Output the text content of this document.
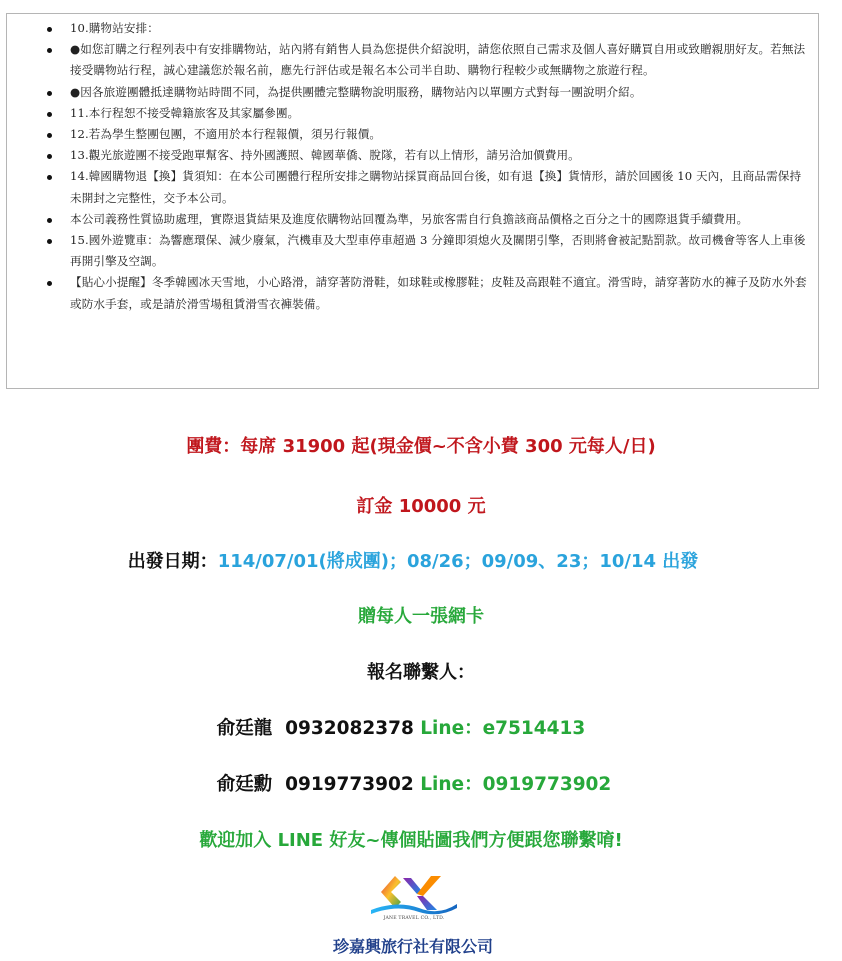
10.購物站安排：
●如您訂購之行程列表中有安排購物站，站內將有銷售人員為您提供介紹說明，請您依照自己需求及個人喜好購買自用或致贈親朋好友。若無法接受購物站行程，誠心建議您於報名前，應先行評估或是報名本公司半自助、購物行程較少或無購物之旅遊行程。
●因各旅遊團體抵達購物站時間不同，為提供團體完整購物說明服務，購物站內以單團方式對每一團說明介紹。
11.本行程恕不接受韓籍旅客及其家屬參團。
12.若為學生整團包團，不適用於本行程報價，須另行報價。
13.觀光旅遊團不接受跑單幫客、持外國護照、韓國華僑、脫隊，若有以上情形，請另洽加價費用。
14.韓國購物退【換】貨須知：在本公司團體行程所安排之購物站採買商品回台後，如有退【換】貨情形，請於回國後 10 天內，且商品需保持未開封之完整性，交予本公司。
本公司義務性質協助處理，實際退貨結果及進度依購物站回覆為準，另旅客需自行負擔該商品價格之百分之十的國際退貨手續費用。
15.國外遊覽車：為響應環保、減少廢氣，汽機車及大型車停車超過 3 分鐘即須熄火及關閉引擎，否則將會被記點罰款。故司機會等客人上車後再開引擎及空調。
【貼心小提醒】冬季韓國冰天雪地，小心路滑，請穿著防滑鞋，如球鞋或橡膠鞋；皮鞋及高跟鞋不適宜。滑雪時，請穿著防水的褲子及防水外套或防水手套，或是請於滑雪場租賃滑雪衣褲裝備。
團費：每席 31900 起(現金價~不含小費 300 元每人/日)
訂金 10000 元
出發日期：114/07/01(將成團)；08/26；09/09、23；10/14 出發
贈每人一張網卡
報名聯繫人：
俞廷龍  0932082378 Line：e7514413
俞廷勳  0919773902 Line：0919773902
歡迎加入 LINE 好友~傳個貼圖我們方便跟您聯繫唷!
JANE TRAVEL CO., LTD.
珍嘉興旅行社有限公司
